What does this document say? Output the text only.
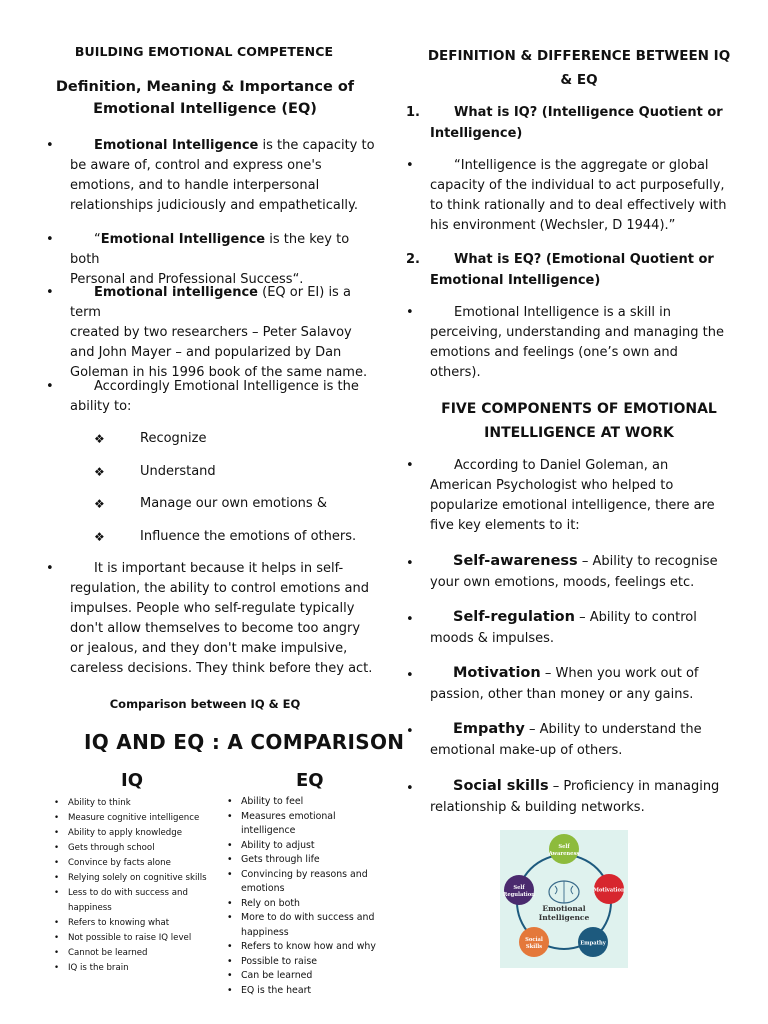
BUILDING EMOTIONAL COMPETENCE
Definition, Meaning & Importance of
Emotional Intelligence (EQ)
•	Emotional Intelligence is the capacity to
be aware of, control and express one's
emotions, and to handle interpersonal
relationships judiciously and empathetically.
•	“Emotional Intelligence is the key to both
Personal and Professional Success“.
•	Emotional intelligence (EQ or EI) is a term
created by two researchers – Peter Salavoy
and John Mayer – and popularized by Dan
Goleman in his 1996 book of the same name.
•	Accordingly Emotional Intelligence is the
ability to:
❖	Recognize
❖	Understand
❖	Manage our own emotions &
❖	Influence the emotions of others.
•	It is important because it helps in self-
regulation, the ability to control emotions and
impulses. People who self-regulate typically
don't allow themselves to become too angry
or jealous, and they don't make impulsive,
careless decisions. They think before they act.
Comparison between IQ & EQ
IQ AND EQ : A COMPARISON
IQ	EQ
• Ability to think
• Measure cognitive intelligence
• Ability to apply knowledge
• Gets through school
• Convince by facts alone
• Relying solely on cognitive skills
• Less to do with success and
happiness
• Refers to knowing what
• Not possible to raise IQ level
• Cannot be learned
• IQ is the brain
• Ability to feel
• Measures emotional intelligence
• Ability to adjust
• Gets through life
• Convincing by reasons and
emotions
• Rely on both
• More to do with success and
happiness
• Refers to know how and why
• Possible to raise
• Can be learned
• EQ is the heart
DEFINITION & DIFFERENCE BETWEEN IQ
& EQ
1.	What is IQ? (Intelligence Quotient or
Intelligence)
•	“Intelligence is the aggregate or global
capacity of the individual to act purposefully,
to think rationally and to deal effectively with
his environment (Wechsler, D 1944).”
2.	What is EQ? (Emotional Quotient or
Emotional Intelligence)
•	Emotional Intelligence is a skill in
perceiving, understanding and managing the
emotions and feelings (one’s own and
others).
FIVE COMPONENTS OF EMOTIONAL
INTELLIGENCE AT WORK
•	According to Daniel Goleman, an
American Psychologist who helped to
popularize emotional intelligence, there are
five key elements to it:
•	Self-awareness – Ability to recognise
your own emotions, moods, feelings etc.
•	Self-regulation – Ability to control
moods & impulses.
•	Motivation – When you work out of
passion, other than money or any gains.
•	Empathy – Ability to understand the
emotional make-up of others.
•	Social skills – Proficiency in managing
relationship & building networks.
Emotional
Intelligence
Self
Awareness
Motivation
Empathy
Social
Skills
Self
Regulation
